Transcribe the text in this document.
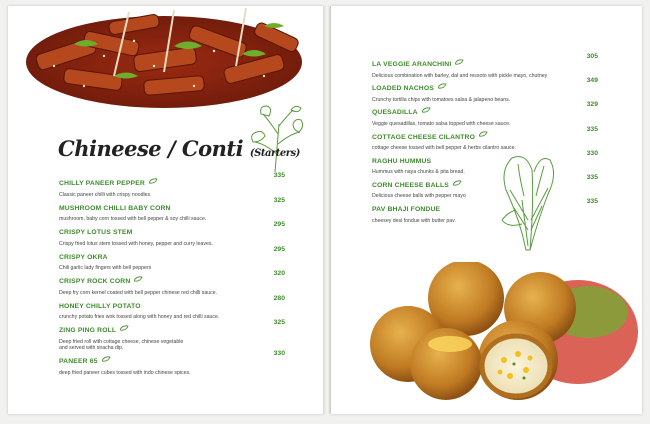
Chineese / Conti (Starters)
CHILLY PANEER PEPPER
335
Classic paneer chilli with crispy noodles.
MUSHROOM CHILLI BABY CORN
325
mushroom, baby corn tossed with bell pepper & soy chilli sauce.
CRISPY LOTUS STEM
295
Crispy fried lotus stem tossed with honey, pepper and curry leaves.
CRISPY OKRA
295
Chili garlic lady fingers with bell peppers
CRISPY ROCK CORN
320
Deep fry corn kernel coated with bell pepper chinese red chilli sauce.
HONEY CHILLY POTATO
280
crunchy potato fries wok tossed along with honey and red chilli sauce.
ZING PING ROLL
325
Deep fried roll with cottage cheese, chinese vegetable
and served with siracha dip.
PANEER 65
330
deep fried paneer cubes tossed with indo chinese spices.
LA VEGGIE ARANCHINI
305
Delicious combination with barley, dal and ressoto with pickle mayo, chutney
LOADED NACHOS
349
Crunchy tortilla chips with tomatoes salsa & jalapeno beans.
QUESADILLA
329
Veggie quesadillas, tomato salsa topped with cheese sauce.
COTTAGE CHEESE CILANTRO
335
cottage cheese tossed with bell pepper & herbs cilantro sauce.
RAGHU HUMMUS
330
Hummus with naya chunks & pita bread.
CORN CHEESE BALLS
335
Delicious cheese balls with pepper mayo
PAV BHAJI FONDUE
335
cheesey desi fondue with butter pav.
